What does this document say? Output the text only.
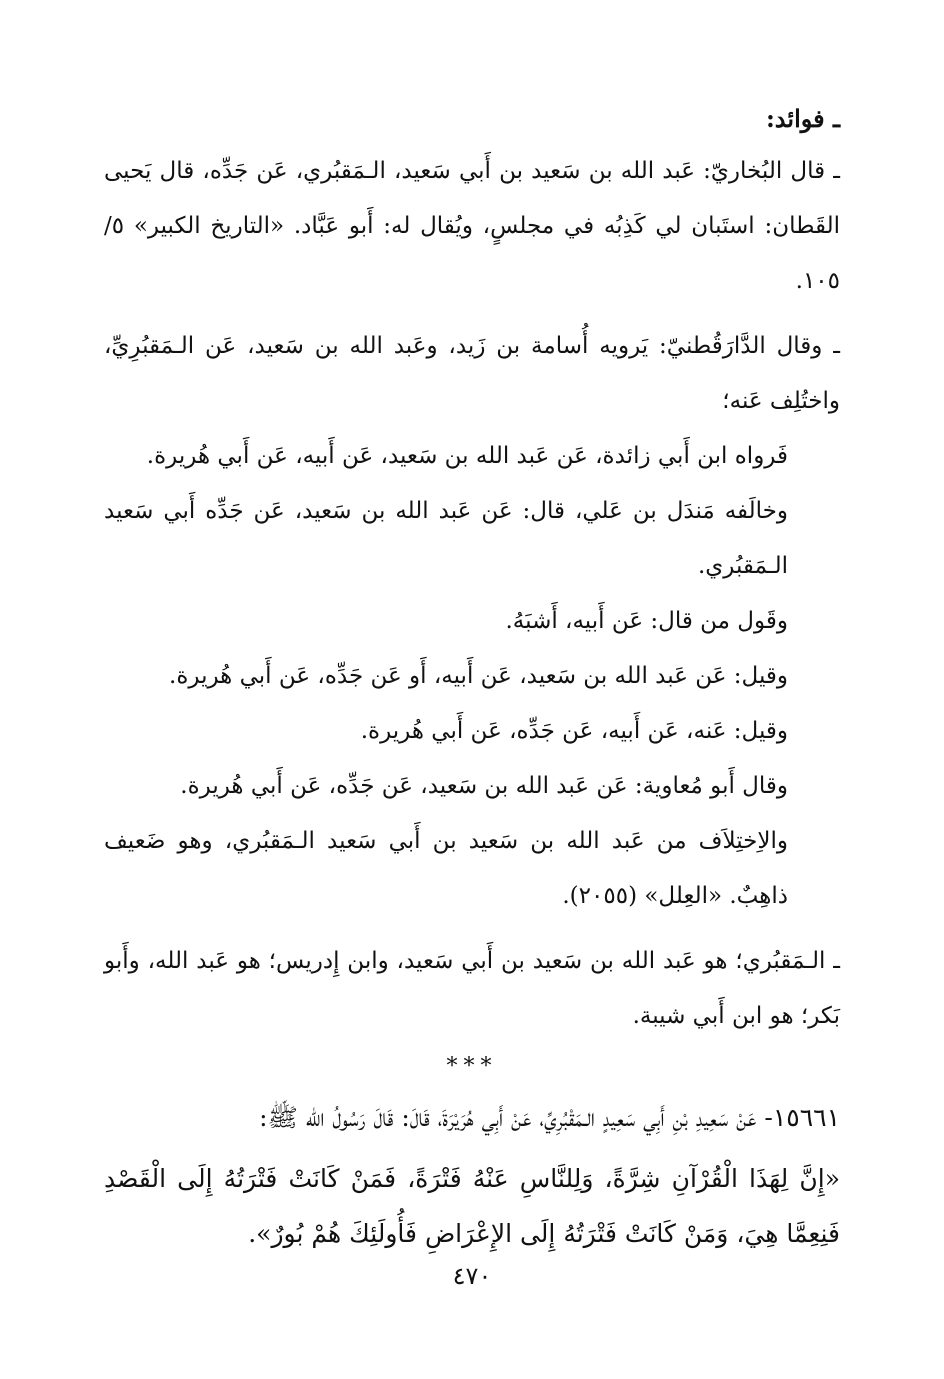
ـ فوائد:

ـ قال البُخاريّ: عَبد الله بن سَعيد بن أَبي سَعيد، الـمَقبُري، عَن جَدِّه، قال يَحيى القَطان: استَبان لي كَذِبُه في مجلسٍ، ويُقال له: أَبو عَبَّاد. «التاريخ الكبير» ٥/ ١٠٥.

ـ وقال الدَّارَقُطنيّ: يَرويه أُسامة بن زَيد، وعَبد الله بن سَعيد، عَن الـمَقبُرِيِّ، واختُلِف عَنه؛

فَرواه ابن أَبي زائدة، عَن عَبد الله بن سَعيد، عَن أَبيه، عَن أَبي هُريرة.

وخالَفه مَندَل بن عَلي، قال: عَن عَبد الله بن سَعيد، عَن جَدِّه أَبي سَعيد الـمَقبُري.

وقَول من قال: عَن أَبيه، أَشبَهُ.

وقيل: عَن عَبد الله بن سَعيد، عَن أَبيه، أَو عَن جَدِّه، عَن أَبي هُريرة.

وقيل: عَنه، عَن أَبيه، عَن جَدِّه، عَن أَبي هُريرة.

وقال أَبو مُعاوية: عَن عَبد الله بن سَعيد، عَن جَدِّه، عَن أَبي هُريرة.

والاِختِلاَف من عَبد الله بن سَعيد بن أَبي سَعيد الـمَقبُري، وهو ضَعيف ذاهِبٌ. «العِلل» (٢٠٥٥).

ـ الـمَقبُري؛ هو عَبد الله بن سَعيد بن أَبي سَعيد، وابن إِدريس؛ هو عَبد الله، وأَبو بَكر؛ هو ابن أَبي شيبة.

***

١٥٦٦١- عَنْ سَعِيدِ بْنِ أَبِي سَعِيدٍ الـمَقْبُرِيِّ، عَنْ أَبِي هُرَيْرَةَ، قَالَ: قَالَ رَسُولُ الله ﷺ:

«إِنَّ لِهَذَا الْقُرْآنِ شِرَّةً، وَلِلنَّاسِ عَنْهُ فَتْرَةً، فَمَنْ كَانَتْ فَتْرَتُهُ إِلَى الْقَصْدِ فَنِعِمَّا هِيَ، وَمَنْ كَانَتْ فَتْرَتُهُ إِلَى الإِعْرَاضِ فَأُولَئِكَ هُمْ بُورٌ».

٤٧٠
